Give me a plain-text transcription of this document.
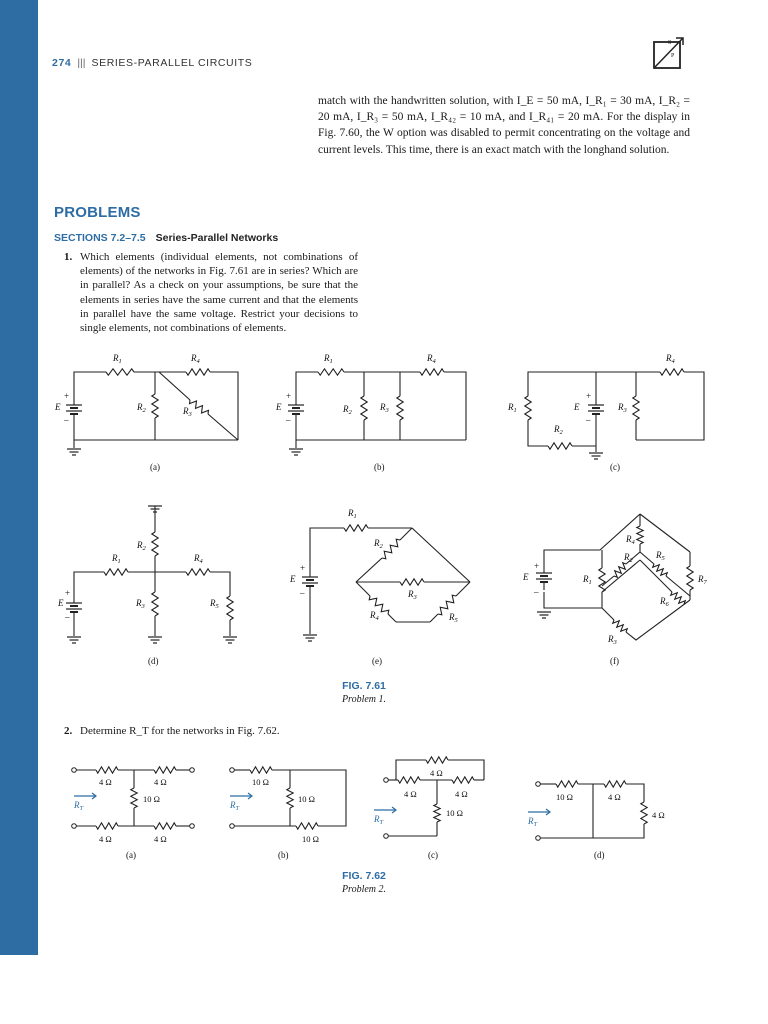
274 ||| SERIES-PARALLEL CIRCUITS
S
P
match with the handwritten solution, with I_E = 50 mA, I_R₁ = 30 mA, I_R₂ = 20 mA, I_R₃ = 50 mA, I_R₄₂ = 10 mA, and I_R₄₁ = 20 mA. For the display in Fig. 7.60, the W option was disabled to permit concentrating on the voltage and current levels. This time, there is an exact match with the longhand solution.
PROBLEMS
SECTIONS 7.2–7.5 Series-Parallel Networks
1. Which elements (individual elements, not combinations of elements) of the networks in Fig. 7.61 are in series? Which are in parallel? As a check on your assumptions, be sure that the elements in series have the same current and that the elements in parallel have the same voltage. Restrict your decisions to single elements, not combinations of elements.
$R_1$	$R_4$
$R_2$	$R_3$
E
+
–
(a)
$R_1$	$R_4$
$R_2$
$R_3$
E
+
–
(b)
$R_4$
$R_1$
$R_2$
E
+
–
$R_3$
(c)
$R_2$
$R_1$	$R_4$
$R_5$
$R_3$
E
+
–
(d)
$R_1$
$R_2$
$R_3$
$R_4$	$R_5$
E
+
–
(e)
E
+
–
$R_1$
$R_4$
$R_2$
$R_5$
$R_7$
$R_6$
$R_3$
(f)
4 Ω	4 Ω
10 Ω
4 Ω	4 Ω
$R_T$
(a)
10 Ω
10 Ω
10 Ω
$R_T$
(b)
4 Ω
4 Ω	4 Ω
10 Ω
$R_T$
(c)
10 Ω	4 Ω
4 Ω
$R_T$
(d)
FIG. 7.61
Problem 1.
2. Determine R_T for the networks in Fig. 7.62.
FIG. 7.62
Problem 2.
